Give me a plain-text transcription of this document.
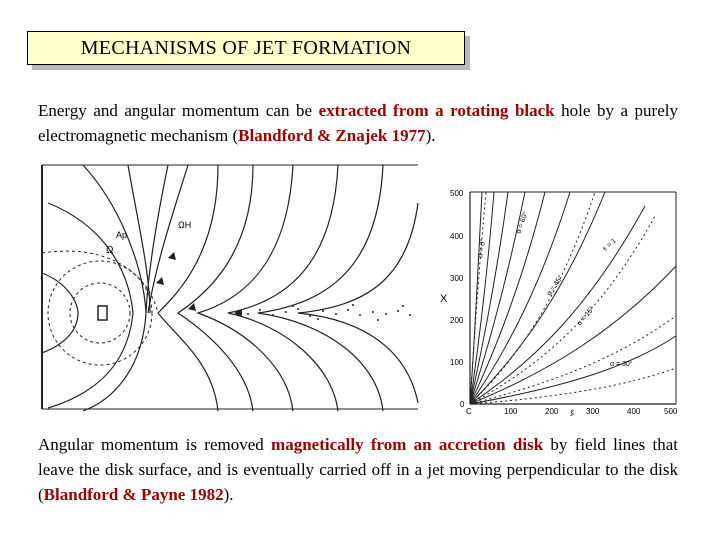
MECHANISMS OF JET FORMATION

Energy and angular momentum can be extracted from a rotating black hole by a purely electromagnetic mechanism (Blandford & Znajek 1977).

Ap
Ω
ΩH
500
400
300
200
100
0
X
C	100	200	300	400	500
ξ
α = 0°
α = 15°
α = 30°
α = 45°
α = 60°
ε = 1

Angular momentum is removed magnetically from an accretion disk by field lines that leave the disk surface, and is eventually carried off in a jet moving perpendicular to the disk (Blandford & Payne 1982).
